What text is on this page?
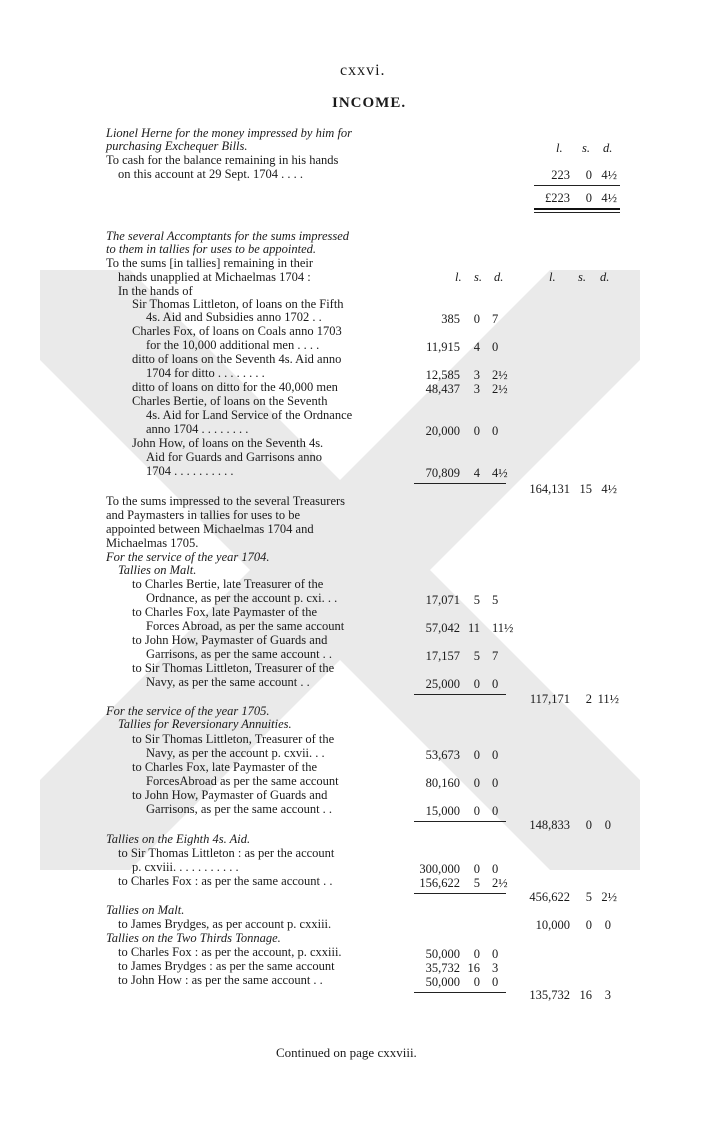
cxxvi.
INCOME.
Lionel Herne for the money impressed by him for
purchasing Exchequer Bills.	l. s. d.
To cash for the balance remaining in his hands
on this account at 29 Sept. 1704 . . . .	223	0 4½
£223	0 4½
The several Accomptants for the sums impressed
to them in tallies for uses to be appointed.
To the sums [in tallies] remaining in their
hands unapplied at Michaelmas 1704 :	l. s. d.	l. s. d.
In the hands of
Sir Thomas Littleton, of loans on the Fifth
4s. Aid and Subsidies anno 1702 . .	385	0 7
Charles Fox, of loans on Coals anno 1703
for the 10,000 additional men . . . .	11,915	4 0
ditto of loans on the Seventh 4s. Aid anno
1704 for ditto . . . . . . . .	12,585	3 2½
ditto of loans on ditto for the 40,000 men	48,437	3 2½
Charles Bertie, of loans on the Seventh
4s. Aid for Land Service of the Ordnance
anno 1704 . . . . . . . .	20,000	0 0
John How, of loans on the Seventh 4s.
Aid for Guards and Garrisons anno
1704 . . . . . . . . . .	70,809	4 4½
164,131 15 4½
To the sums impressed to the several Treasurers
and Paymasters in tallies for uses to be
appointed between Michaelmas 1704 and
Michaelmas 1705.
For the service of the year 1704.
Tallies on Malt.
to Charles Bertie, late Treasurer of the
Ordnance, as per the account p. cxi. . .	17,071	5 5
to Charles Fox, late Paymaster of the
Forces Abroad, as per the same account	57,042 11 11½
to John How, Paymaster of Guards and
Garrisons, as per the same account . .	17,157	5 7
to Sir Thomas Littleton, Treasurer of the
Navy, as per the same account . .	25,000	0 0
117,171	2 11½
For the service of the year 1705.
Tallies for Reversionary Annuities.
to Sir Thomas Littleton, Treasurer of the
Navy, as per the account p. cxvii. . .	53,673	0 0
to Charles Fox, late Paymaster of the
ForcesAbroad as per the same account	80,160	0 0
to John How, Paymaster of Guards and
Garrisons, as per the same account . .	15,000	0 0
148,833	0	0
Tallies on the Eighth 4s. Aid.
to Sir Thomas Littleton : as per the account
p. cxviii. . . . . . . . . . .	300,000	0 0
to Charles Fox : as per the same account . .	156,622	5 2½
456,622	5 2½
Tallies on Malt.
to James Brydges, as per account p. cxxiii.	10,000	0	0
Tallies on the Two Thirds Tonnage.
to Charles Fox : as per the account, p. cxxiii.	50,000	0 0
to James Brydges : as per the same account	35,732 16 3
to John How : as per the same account . .	50,000	0 0
135,732 16	3
Continued on page cxxviii.
